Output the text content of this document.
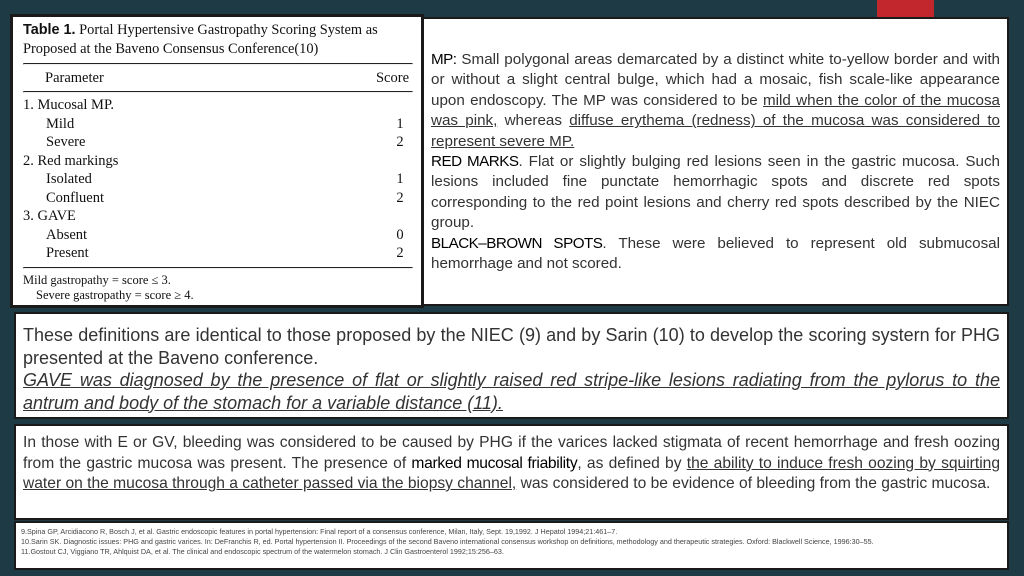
Table 1. Portal Hypertensive Gastropathy Scoring System as Proposed at the Baveno Consensus Conference(10)
Parameter	Score
1. Mucosal MP.
Mild	1
Severe	2
2. Red markings
Isolated	1
Confluent	2
3. GAVE
Absent	0
Present	2
Mild gastropathy = score ≤ 3.
Severe gastropathy = score ≥ 4.
MP: Small polygonal areas demarcated by a distinct white to-yellow border and with or without a slight central bulge, which had a mosaic, fish scale-like appearance upon endoscopy. The MP was considered to be mild when the color of the mucosa was pink, whereas diffuse erythema (redness) of the mucosa was considered to represent severe MP.
RED MARKS. Flat or slightly bulging red lesions seen in the gastric mucosa. Such lesions included fine punctate hemorrhagic spots and discrete red spots corresponding to the red point lesions and cherry red spots described by the NIEC group.
BLACK–BROWN SPOTS. These were believed to represent old submucosal hemorrhage and not scored.
These definitions are identical to those proposed by the NIEC (9) and by Sarin (10) to develop the scoring systern for PHG presented at the Baveno conference.
GAVE was diagnosed by the presence of flat or slightly raised red stripe-like lesions radiating from the pylorus to the antrum and body of the stomach for a variable distance (11).
In those with E or GV, bleeding was considered to be caused by PHG if the varices lacked stigmata of recent hemorrhage and fresh oozing from the gastric mucosa was present. The presence of marked mucosal friability, as defined by the ability to induce fresh oozing by squirting water on the mucosa through a catheter passed via the biopsy channel, was considered to be evidence of bleeding from the gastric mucosa.
9.Spina GP, Arcidiacono R, Bosch J, et al. Gastric endoscopic features in portal hypertension: Final report of a consensus conference, Milan, Italy, Sept. 19,1992. J Hepatol 1994;21:461–7.
10.Sarin SK. Diagnostic issues: PHG and gastric varices. In: DeFranchis R, ed. Portal hypertension II. Proceedings of the second Baveno international consensus workshop on definitions, methodology and therapeutic strategies. Oxford: Blackwell Science, 1996:30–55.
11.Gostout CJ, Viggiano TR, Ahlquist DA, et al. The clinical and endoscopic spectrum of the watermelon stomach. J Clin Gastroenterol 1992;15:256–63.
